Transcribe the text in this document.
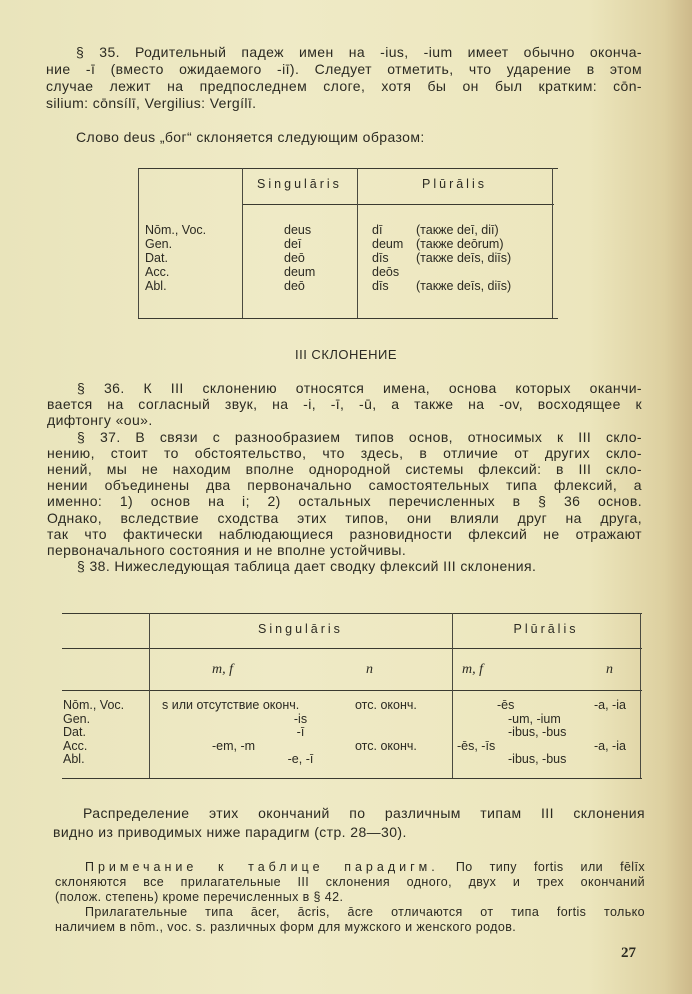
§ 35. Родительный падеж имен на -ius, -ium имеет обычно оконча-
ние -ī (вместо ожидаемого -iī). Следует отметить, что ударение в этом
случае лежит на предпоследнем слоге, хотя бы он был кратким: cōn-
silium: cōnsílī, Vergilius: Vergílī.
Слово deus „бог“ склоняется следующим образом:
Singulāris	Plūrālis
Nōm., Voc.	deus	dī	(также deī, diī)
Gen.	deī	deum (также deōrum)
Dat.	deō	dīs (также deīs, diīs)
Acc.	deum	deōs
Abl.	deō	dīs (также deīs, diīs)
III СКЛОНЕНИЕ
§ 36. К III склонению относятся имена, основа которых оканчи-
вается на согласный звук, на -i, -ī, -ū, а также на -ov, восходящее к
дифтонгу «ou».
§ 37. В связи с разнообразием типов основ, относимых к III скло-
нению, стоит то обстоятельство, что здесь, в отличие от других скло-
нений, мы не находим вполне однородной системы флексий: в III скло-
нении объединены два первоначально самостоятельных типа флексий, а
именно: 1) основ на i; 2) остальных перечисленных в § 36 основ.
Однако, вследствие сходства этих типов, они влияли друг на друга,
так что фактически наблюдающиеся разновидности флексий не отражают
первоначального состояния и не вполне устойчивы.
§ 38. Нижеследующая таблица дает сводку флексий III склонения.
Singulāris	Plūrālis
m, f	n	m, f	n
Nōm., Voc.	s или отсутствие оконч.	отс. оконч.	-ēs	-a, -ia
Gen.	-is	-um, -ium
Dat.	-ī	-ibus, -bus
Acc.	-em, -m	отс. оконч.	-ēs, -īs	-a, -ia
Abl.	-e, -ī	-ibus, -bus
Распределение этих окончаний по различным типам III склонения
видно из приводимых ниже парадигм (стр. 28—30).
Примечание к таблице парадигм. По типу fortis или fēlīx
склоняются все прилагательные III склонения одного, двух и трех окончаний
(полож. степень) кроме перечисленных в § 42.
Прилагательные типа ācer, ācris, ācre отличаются от типа fortis только
наличием в nōm., voc. s. различных форм для мужского и женского родов.
27
